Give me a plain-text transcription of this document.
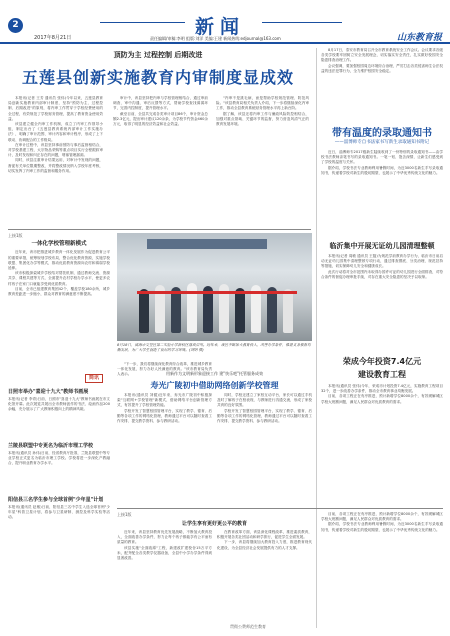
2
2017年8月21日	新闻
责任编辑/审稿:李明 组版:刘洋 美编:王建 新闻热线:edjournal@163.com	山东教育报
顶防为主 过程控制 后期改进
五莲县创新实施教育内审制度显成效

本报讯(记者 王芳 通讯员 张伟)今年以来，五莲县教育局创新实施教育内部审计制度，坚持"预防为主、过程控制、后期改进"的原则，将内审工作贯穿于学校经费使用的全过程，有效规范了学校财务管理，提高了教育资金使用效益。

该县建立健全内审工作机制，成立了内审工作领导小组，制定出台了《五莲县教育系统内部审计工作实施办法》，明确了审计范围、审计内容和审计程序，形成了上下联动、协调配合的工作格局。

在审计过程中，该县坚持事前预防与事后监督相结合，对学校基建工程、大宗物品采购等重点项目实行全程跟踪审计，及时发现和纠正存在的问题，堵塞管理漏洞。

同时，该县注重审计结果运用，对审计中发现的问题，督促有关单位限期整改，并将整改情况纳入学校年度考核，切实发挥了内审工作的监督和服务作用。

审计中，该县坚持把内审与学校管理相结合，通过审前调查、审中沟通、审后反馈等方式，帮助学校查找薄弱环节，完善内控制度，提升管理水平。

截至目前，全县共完成各类审计项目86个，审计资金总额2.3亿元，提出审计建议120余条，为学校节约资金460余万元，取得了明显的经济效益和社会效益。

"内审不是挑毛病，而是帮助学校规范管理、防范风险。"该县教育局相关负责人介绍，下一步将继续深化内审工作，推动全县教育系统财务管理水平再上新台阶。

据了解，该县还将内审工作与廉政风险防控相结合，加强对重点领域、关键环节的监督，努力营造风清气正的教育发展环境。

上接1版
一体化学校管理新模式

近年来，该市把推进城乡教育一体化发展作为促进教育公平的重要举措，统筹规划学校布局，整合优化教育资源，实施学校联盟、集团化办学等模式，推动优质教育资源向农村和薄弱学校延伸。

该市积极探索城乡学校结对帮扶机制，通过教师交流、资源共享、课程共建等方式，全面提升农村学校办学水平，使更多农村孩子在家门口就能享受到优质教育。

目前，全市已组建教育集团42个，覆盖学校180余所，城乡教育差距进一步缩小，群众对教育的满意度不断提高。

8月18日，威海市文登区第二实验小学新校区落成启用。近年来，该区不断加大教育投入，改善办学条件，推进义务教育均衡发展，为广大学生创造了良好的学习环境。(刘明 摄)

"下一步，我们将继续深化教育综合改革，推进城乡教育一体化发展，努力办好人民满意的教育。"该市教育局负责人表示。

简讯
日照市举办"喜迎十九大"教师书画展
本报讯(记者 李青)日前，日照市"喜迎十九大"教师书画展在市文化馆开幕。此次展览共展出全市教师创作的书法、绘画作品200余幅，充分展示了广大教师积极向上的精神风貌。
兰陵县联盟中专更名为临沂市理工学校
本报讯(通讯员 孙伟)日前，经省教育厅批准，兰陵县联盟中等专业学校正式更名为临沂市理工学校。学校将进一步深化产教融合，提升职业教育办学水平。
阳信县三名学生参与全球首例"少年星"计划
本报讯(通讯员 赵敏)日前，阳信县三名中学生入选全球首例"少年星"科普卫星计划，将参与卫星研制、测控及科学实验等活动。
用新作为文明新形象迎接工作 建"快乐吧"托管服务成效
寿光广陵初中借助网络创新学校管理

本报讯(通讯员 刘健)近年来，寿光市广陵初中积极探索"互联网+学校管理"新模式，借助网络平台创新管理方式，有效提升了学校管理效能。

学校开发了智慧校园管理平台，实现了教学、德育、后勤等各项工作的网络化管理，教师通过平台可以随时查看工作安排、提交教学资料、参与教研活动。

同时，学校还建立了家校互动平台，家长可以通过手机及时了解孩子在校表现，与教师进行沟通交流，形成了家校共育的良好氛围。

学校开发了智慧校园管理平台，实现了教学、德育、后勤等各项工作的网络化管理，教师通过平台可以随时查看工作安排、提交教学资料、参与教研活动。

8月17日，泰安市教育局召开全市教育系统安全工作会议。会议要求各级各类学校要牢固树立安全发展理念，切实落实安全责任，扎实做好校园安全隐患排查治理工作。

会议强调，要加强校园周边环境综合治理，严厉打击各类侵害师生合法权益的违法犯罪行为，全力维护校园安全稳定。

带有温度的录取通知书
——淄博师专自书法家书写新生录取通知书附记

近日，淄博师专2017级新生陆续收到了一份特别的录取通知书——由学校书法教师亲笔书写的录取通知书。一笔一划、饱含深情，让新生们感受到了学校的温度与关怀。

据介绍，学校书法专业教师利用暑假时间，为近3000名新生手写录取通知书，传递着学校对新生的殷切期望，也展示了中华优秀传统文化的魅力。

临沂集中开展无证幼儿园清理整顿

本报讯(记者 周敏 通讯员 王磊)为规范学前教育办学行为，临沂市日前启动无证幼儿园集中清理整顿专项行动，通过排查摸底、分类治理、规范扶持等措施，切实保障幼儿安全和健康成长。

此次行动将对全市范围内未取得办园许可证的幼儿园进行全面排查，对符合条件的督促办理审批手续，对存在重大安全隐患的坚决予以取缔。

荣成今年投资7.4亿元
建设教育工程

本报讯(通讯员 张伟)今年，荣成市计划投资7.4亿元，实施教育工程项目32个，进一步改善办学条件，推动全市教育事业均衡发展。

目前，各项工程正在有序推进，预计新增学位8000余个，有效缓解城区学校大班额问题，满足人民群众对优质教育的需求。

上接1版
让学生享有更好更公平的教育

近年来，该县坚持教育优先发展战略，不断加大教育投入，全面改善办学条件，努力让每个孩子都能享有公平而有质量的教育。

该县实施"全面改薄"工程，新建改扩建校舍15万平方米，配齐配全各类教学仪器设备，全县中小学办学条件得到显著改善。

在教育改革方面，该县深化课程改革，推进素质教育，积极开展各类社团活动和研学旅行，促进学生全面发展。

下一步，该县将继续加大教育投入力度，推进教育现代化建设，为全县经济社会发展提供有力的人才支撑。

贯彻公费师范生教育

目前，各项工程正在有序推进，预计新增学位8000余个，有效缓解城区学校大班额问题，满足人民群众对优质教育的需求。

据介绍，学校书法专业教师利用暑假时间，为近3000名新生手写录取通知书，传递着学校对新生的殷切期望，也展示了中华优秀传统文化的魅力。
